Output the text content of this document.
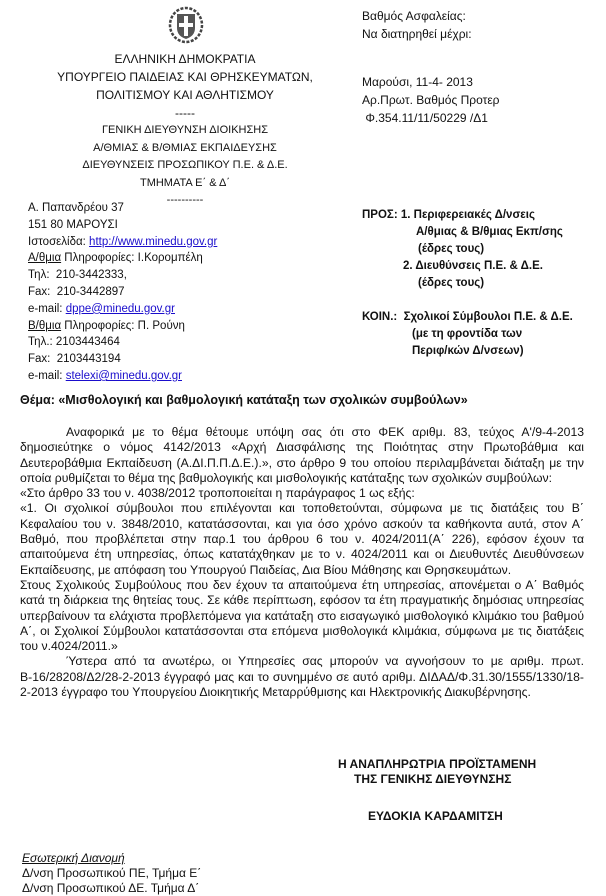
ΕΛΛΗΝΙΚΗ ΔΗΜΟΚΡΑΤΙΑ
ΥΠΟΥΡΓΕΙΟ ΠΑΙΔΕΙΑΣ ΚΑΙ ΘΡΗΣΚΕΥΜΑΤΩΝ,
ΠΟΛΙΤΙΣΜΟΥ ΚΑΙ ΑΘΛΗΤΙΣΜΟΥ
-----
ΓΕΝΙΚΗ ΔΙΕΥΘΥΝΣΗ ΔΙΟΙΚΗΣΗΣ
Α/ΘΜΙΑΣ & Β/ΘΜΙΑΣ ΕΚΠΑΙΔΕΥΣΗΣ
ΔΙΕΥΘΥΝΣΕΙΣ ΠΡΟΣΩΠΙΚΟΥ Π.Ε. & Δ.Ε.
ΤΜΗΜΑΤΑ Ε΄ & Δ΄
----------
Βαθμός Ασφαλείας:
Να διατηρηθεί μέχρι:
Μαρούσι, 11-4- 2013
Αρ.Πρωτ. Βαθμός Προτερ
Φ.354.11/11/50229 /Δ1
Α. Παπανδρέου 37
151 80 ΜΑΡΟΥΣΙ
Ιστοσελίδα: http://www.minedu.gov.gr
Α/θμια Πληροφορίες: Ι.Κορομπέλη
Τηλ:  210-3442333,
Fax:  210-3442897
e-mail: dppe@minedu.gov.gr
Β/θμια Πληροφορίες: Π. Ρούνη
Τηλ.: 2103443464
Fax:  2103443194
e-mail: stelexi@minedu.gov.gr
ΠΡΟΣ: 1. Περιφερειακές Δ/νσεις
Α/θμιας & Β/θμιας Εκπ/σης
(έδρες τους)
2. Διευθύνσεις Π.Ε. & Δ.Ε.
(έδρες τους)
ΚΟΙΝ.:  Σχολικοί Σύμβουλοι Π.Ε. & Δ.Ε.
(με τη φροντίδα των
Περιφ/κών Δ/νσεων)
Θέμα: «Μισθολογική και βαθμολογική κατάταξη των σχολικών συμβούλων»

Αναφορικά με το θέμα θέτουμε υπόψη σας ότι στο ΦΕΚ αριθμ. 83, τεύχος Α'/9-4-2013 δημοσιεύτηκε ο νόμος 4142/2013 «Αρχή Διασφάλισης της Ποιότητας στην Πρωτοβάθμια και Δευτεροβάθμια Εκπαίδευση (Α.ΔΙ.Π.Π.Δ.Ε.).», στο άρθρο 9 του οποίου περιλαμβάνεται διάταξη με την οποία ρυθμίζεται το θέμα της βαθμολογικής και μισθολογικής κατάταξης των σχολικών συμβούλων:

«Στο άρθρο 33 του ν. 4038/2012 τροποποιείται η παράγραφος 1 ως εξής:

«1. Οι σχολικοί σύμβουλοι που επιλέγονται και τοποθετούνται, σύμφωνα με τις διατάξεις του Β΄ Κεφαλαίου του ν. 3848/2010, κατατάσσονται, και για όσο χρόνο ασκούν τα καθήκοντα αυτά, στον Α΄ Βαθμό, που προβλέπεται στην παρ.1 του άρθρου 6 του ν. 4024/2011(Α΄ 226), εφόσον έχουν τα απαιτούμενα έτη υπηρεσίας, όπως κατατάχθηκαν με το ν. 4024/2011 και οι Διευθυντές Διευθύνσεων Εκπαίδευσης, με απόφαση του Υπουργού Παιδείας, Δια Βίου Μάθησης και Θρησκευμάτων.

Στους Σχολικούς Συμβούλους που δεν έχουν τα απαιτούμενα έτη υπηρεσίας, απονέμεται ο Α΄ Βαθμός κατά τη διάρκεια της θητείας τους. Σε κάθε περίπτωση, εφόσον τα έτη πραγματικής δημόσιας υπηρεσίας υπερβαίνουν τα ελάχιστα προβλεπόμενα για κατάταξη στο εισαγωγικό μισθολογικό κλιμάκιο του βαθμού Α΄, οι Σχολικοί Σύμβουλοι κατατάσσονται στα επόμενα μισθολογικά κλιμάκια, σύμφωνα με τις διατάξεις του ν.4024/2011.»

Ύστερα από τα ανωτέρω, οι Υπηρεσίες σας μπορούν να αγνοήσουν το με αριθμ. πρωτ. Β-16/28208/Δ2/28-2-2013 έγγραφό μας και το συνημμένο σε αυτό αριθμ. ΔΙΔΑΔ/Φ.31.30/1555/1330/18-2-2013 έγγραφο του Υπουργείου Διοικητικής Μεταρρύθμισης και Ηλεκτρονικής Διακυβέρνησης.

Η ΑΝΑΠΛΗΡΩΤΡΙΑ ΠΡΟΪΣΤΑΜΕΝΗ
ΤΗΣ ΓΕΝΙΚΗΣ ΔΙΕΥΘΥΝΣΗΣ
ΕΥΔΟΚΙΑ ΚΑΡΔΑΜΙΤΣΗ
Εσωτερική Διανομή
Δ/νση Προσωπικού ΠΕ, Τμήμα Ε΄
Δ/νση Προσωπικού ΔΕ. Τμήμα Δ΄
